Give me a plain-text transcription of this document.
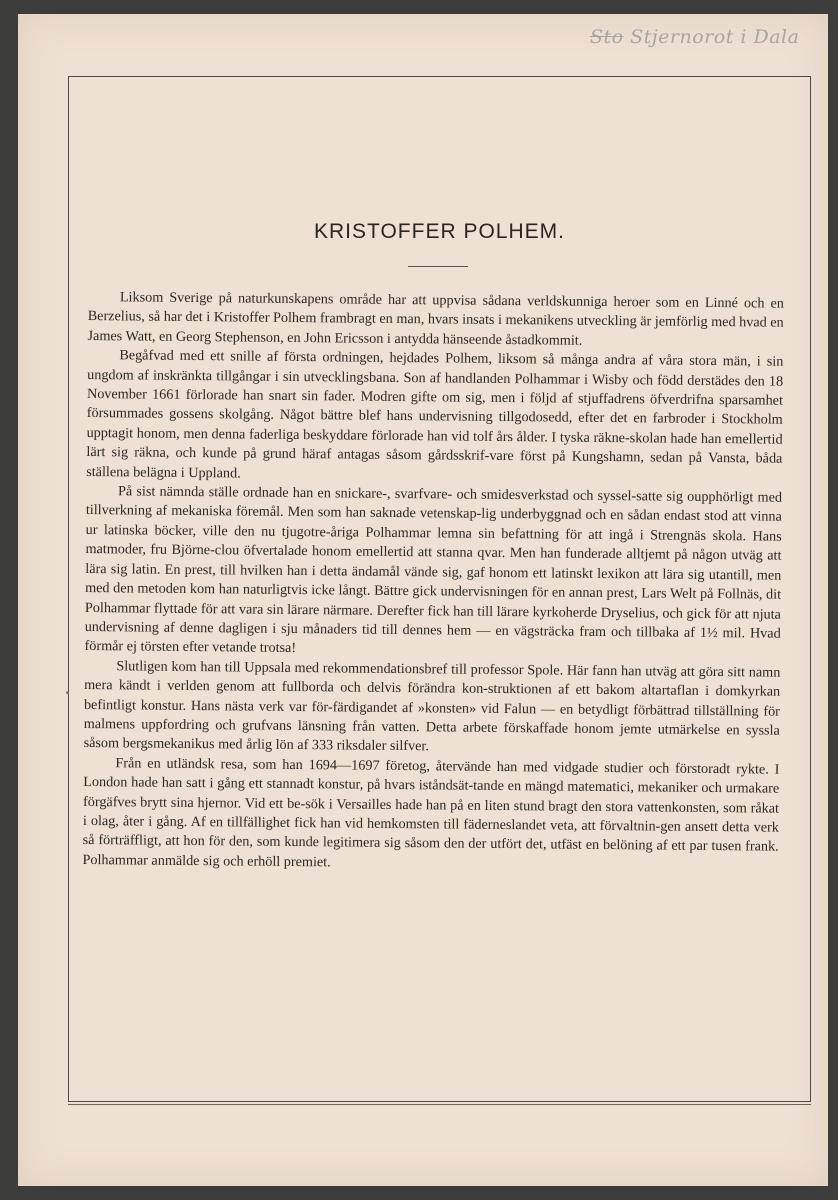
Sto Stjernorot i Dala
KRISTOFFER POLHEM.

Liksom Sverige på naturkunskapens område har att uppvisa sådana verldskunniga heroer som en Linné och en Berzelius, så har det i Kristoffer Polhem frambragt en man, hvars insats i mekanikens utveckling är jemförlig med hvad en James Watt, en Georg Stephenson, en John Ericsson i antydda hänseende åstadkommit.

Begåfvad med ett snille af första ordningen, hejdades Polhem, liksom så många andra af våra stora män, i sin ungdom af inskränkta tillgångar i sin utvecklingsbana. Son af handlanden Polhammar i Wisby och född derstädes den 18 November 1661 förlorade han snart sin fader. Modren gifte om sig, men i följd af stjuffadrens öfverdrifna sparsamhet försummades gossens skolgång. Något bättre blef hans undervisning tillgodosedd, efter det en farbroder i Stockholm upptagit honom, men denna faderliga beskyddare förlorade han vid tolf års ålder. I tyska räkne-skolan hade han emellertid lärt sig räkna, och kunde på grund häraf antagas såsom gårdsskrif-vare först på Kungshamn, sedan på Vansta, båda ställena belägna i Uppland.

På sist nämnda ställe ordnade han en snickare-, svarfvare- och smidesverkstad och syssel-satte sig oupphörligt med tillverkning af mekaniska föremål. Men som han saknade vetenskap-lig underbyggnad och en sådan endast stod att vinna ur latinska böcker, ville den nu tjugotre-åriga Polhammar lemna sin befattning för att ingå i Strengnäs skola. Hans matmoder, fru Björne-clou öfvertalade honom emellertid att stanna qvar. Men han funderade alltjemt på någon utväg att lära sig latin. En prest, till hvilken han i detta ändamål vände sig, gaf honom ett latinskt lexikon att lära sig utantill, men med den metoden kom han naturligtvis icke långt. Bättre gick undervisningen för en annan prest, Lars Welt på Follnäs, dit Polhammar flyttade för att vara sin lärare närmare. Derefter fick han till lärare kyrkoherde Dryselius, och gick för att njuta undervisning af denne dagligen i sju månaders tid till dennes hem — en vägsträcka fram och tillbaka af 1½ mil. Hvad förmår ej törsten efter vetande trotsa!

Slutligen kom han till Uppsala med rekommendationsbref till professor Spole. Här fann han utväg att göra sitt namn mera kändt i verlden genom att fullborda och delvis förändra kon-struktionen af ett bakom altartaflan i domkyrkan befintligt konstur. Hans nästa verk var för-färdigandet af »konsten» vid Falun — en betydligt förbättrad tillställning för malmens uppfordring och grufvans länsning från vatten. Detta arbete förskaffade honom jemte utmärkelse en syssla såsom bergsmekanikus med årlig lön af 333 riksdaler silfver.

Från en utländsk resa, som han 1694—1697 företog, återvände han med vidgade studier och förstoradt rykte. I London hade han satt i gång ett stannadt konstur, på hvars iståndsät-tande en mängd matematici, mekaniker och urmakare förgäfves brytt sina hjernor. Vid ett be-sök i Versailles hade han på en liten stund bragt den stora vattenkonsten, som råkat i olag, åter i gång. Af en tillfällighet fick han vid hemkomsten till fäderneslandet veta, att förvaltnin-gen ansett detta verk så förträffligt, att hon för den, som kunde legitimera sig såsom den der utfört det, utfäst en belöning af ett par tusen frank. Polhammar anmälde sig och erhöll premiet.
